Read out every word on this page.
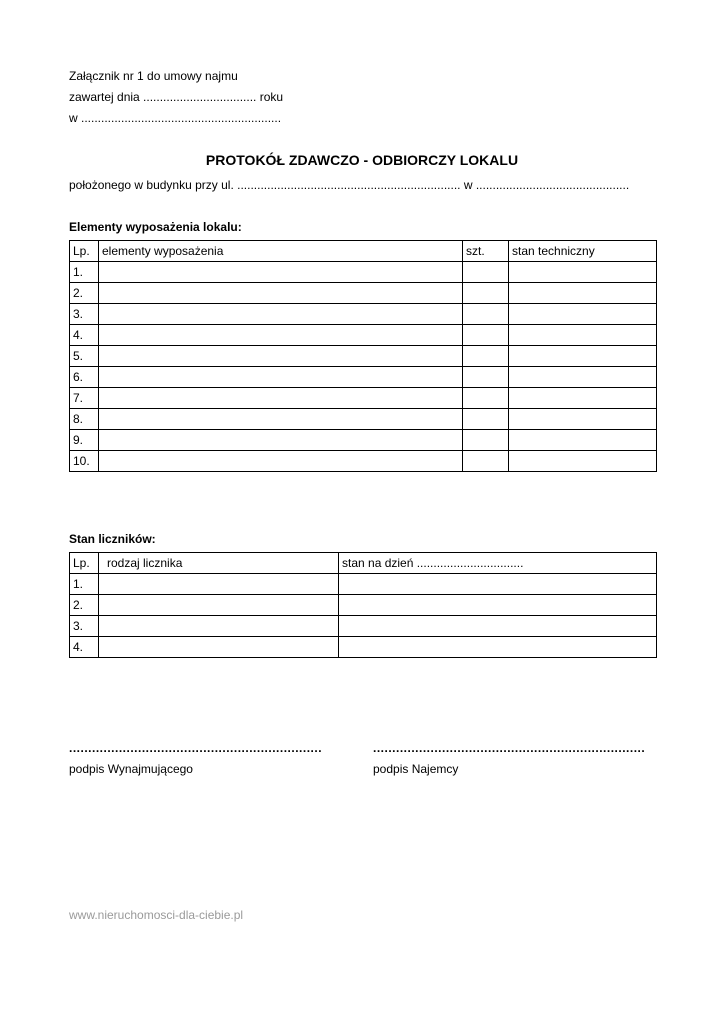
Załącznik nr 1 do umowy najmu
zawartej dnia .................................. roku
w ............................................................
PROTOKÓŁ ZDAWCZO - ODBIORCZY LOKALU
położonego w budynku przy ul. ................................................................... w ..............................................
Elementy wyposażenia lokalu:
Lp.	elementy wyposażenia	szt.	stan techniczny
1.			
2.			
3.			
4.			
5.			
6.			
7.			
8.			
9.			
10.			
Stan liczników:
Lp.	rodzaj licznika	stan na dzień ................................
1.		
2.		
3.		
4.		
..................................................................
podpis Wynajmującego
.......................................................................
podpis Najemcy
www.nieruchomosci-dla-ciebie.pl
